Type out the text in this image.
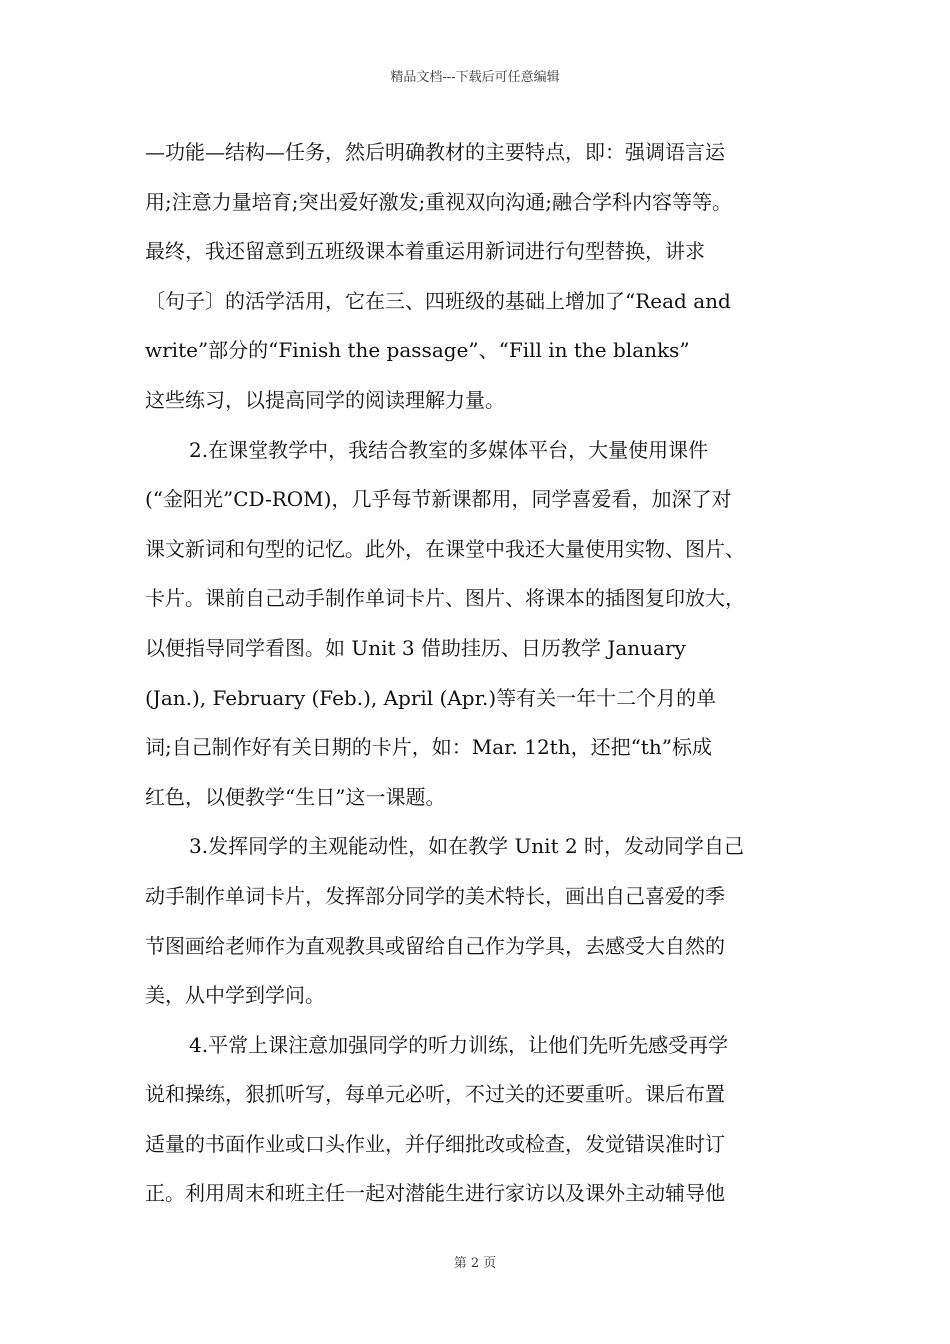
精品文档---下载后可任意编辑
—功能—结构—任务，然后明确教材的主要特点，即：强调语言运
用;注意力量培育;突出爱好激发;重视双向沟通;融合学科内容等等。
最终，我还留意到五班级课本着重运用新词进行句型替换，讲求
〔句子〕的活学活用，它在三、四班级的基础上增加了“Read and
write”部分的“Finish the passage”、“Fill in the blanks”
这些练习，以提高同学的阅读理解力量。
2.在课堂教学中，我结合教室的多媒体平台，大量使用课件
(“金阳光”CD-ROM)，几乎每节新课都用，同学喜爱看，加深了对
课文新词和句型的记忆。此外，在课堂中我还大量使用实物、图片、
卡片。课前自己动手制作单词卡片、图片、将课本的插图复印放大，
以便指导同学看图。如 Unit 3 借助挂历、日历教学 January
(Jan.), February (Feb.), April (Apr.)等有关一年十二个月的单
词;自己制作好有关日期的卡片，如：Mar. 12th，还把“th”标成
红色，以便教学“生日”这一课题。
3.发挥同学的主观能动性，如在教学 Unit 2 时，发动同学自己
动手制作单词卡片，发挥部分同学的美术特长，画出自己喜爱的季
节图画给老师作为直观教具或留给自己作为学具，去感受大自然的
美，从中学到学问。
4.平常上课注意加强同学的听力训练，让他们先听先感受再学
说和操练，狠抓听写，每单元必听，不过关的还要重听。课后布置
适量的书面作业或口头作业，并仔细批改或检查，发觉错误准时订
正。利用周末和班主任一起对潜能生进行家访以及课外主动辅导他
第 2 页
